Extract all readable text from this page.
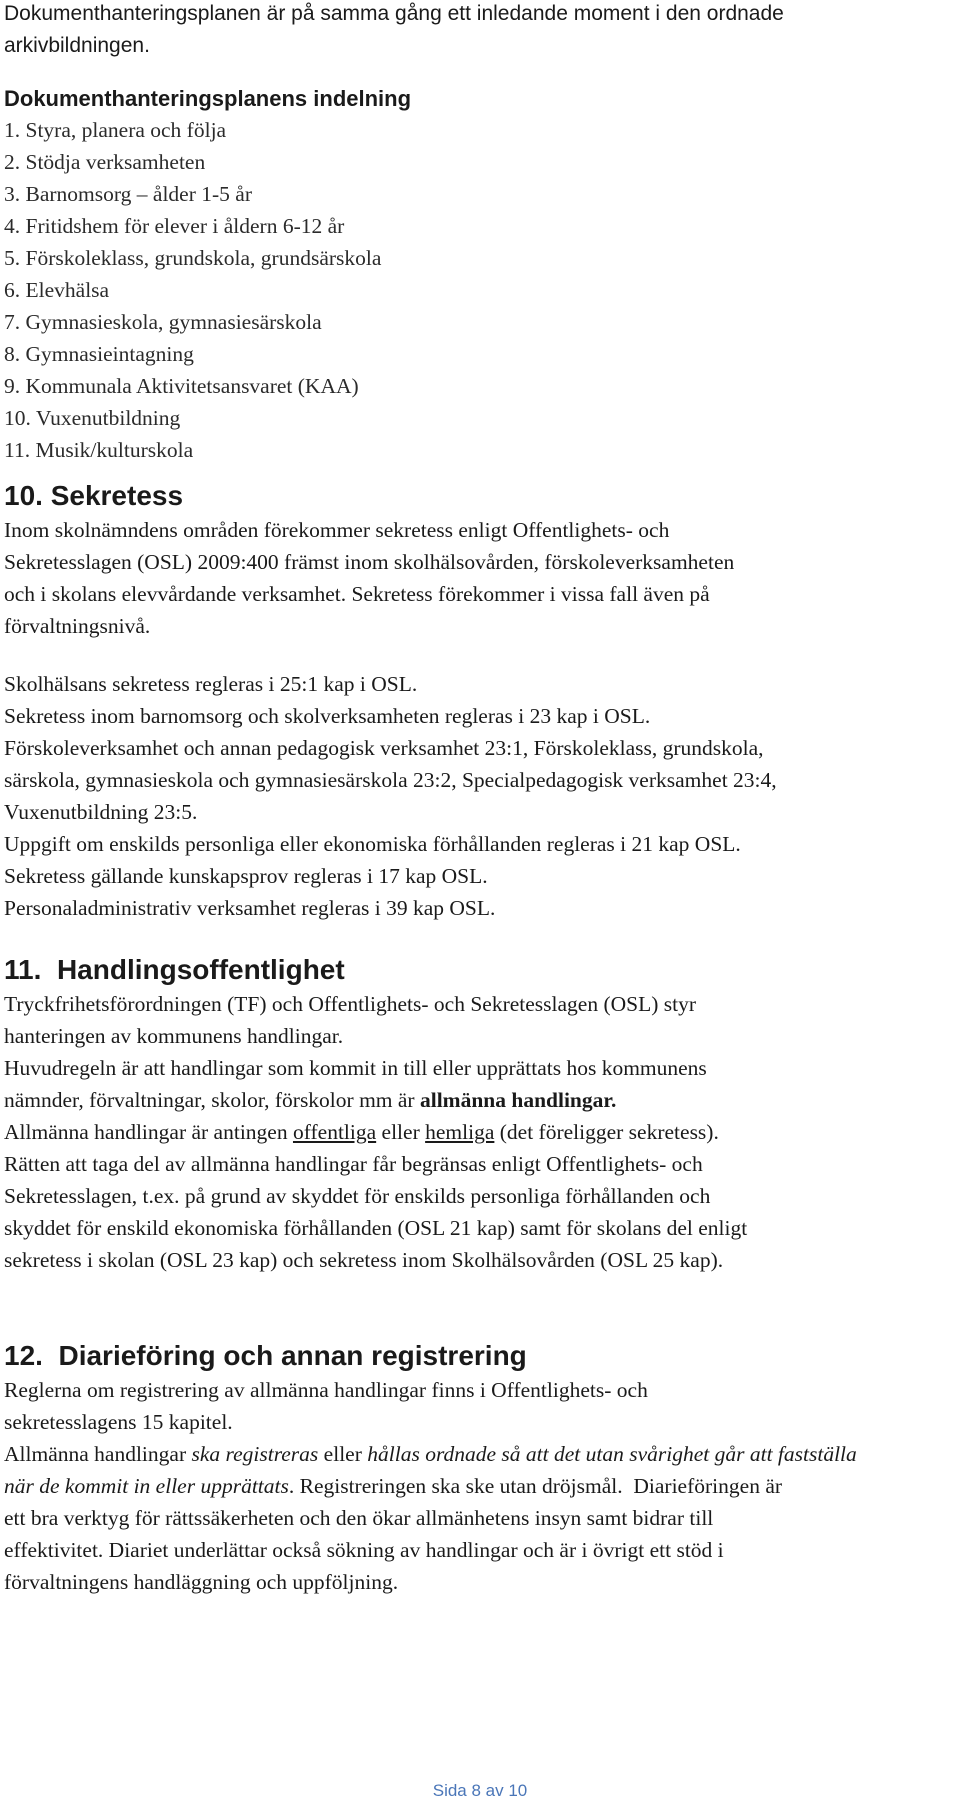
Dokumenthanteringsplanen är på samma gång ett inledande moment i den ordnade

arkivbildningen.

Dokumenthanteringsplanens indelning

1. Styra, planera och följa

2. Stödja verksamheten

3. Barnomsorg – ålder 1-5 år

4. Fritidshem för elever i åldern 6-12 år

5. Förskoleklass, grundskola, grundsärskola

6. Elevhälsa

7. Gymnasieskola, gymnasiesärskola

8. Gymnasieintagning

9. Kommunala Aktivitetsansvaret (KAA)

10. Vuxenutbildning

11. Musik/kulturskola

10. Sekretess

Inom skolnämndens områden förekommer sekretess enligt Offentlighets- och

Sekretesslagen (OSL) 2009:400 främst inom skolhälsovården, förskoleverksamheten

och i skolans elevvårdande verksamhet. Sekretess förekommer i vissa fall även på

förvaltningsnivå.

Skolhälsans sekretess regleras i 25:1 kap i OSL.

Sekretess inom barnomsorg och skolverksamheten regleras i 23 kap i OSL.

Förskoleverksamhet och annan pedagogisk verksamhet 23:1, Förskoleklass, grundskola,

särskola, gymnasieskola och gymnasiesärskola 23:2, Specialpedagogisk verksamhet 23:4,

Vuxenutbildning 23:5.

Uppgift om enskilds personliga eller ekonomiska förhållanden regleras i 21 kap OSL.

Sekretess gällande kunskapsprov regleras i 17 kap OSL.

Personaladministrativ verksamhet regleras i 39 kap OSL.

11.  Handlingsoffentlighet

Tryckfrihetsförordningen (TF) och Offentlighets- och Sekretesslagen (OSL) styr

hanteringen av kommunens handlingar.

Huvudregeln är att handlingar som kommit in till eller upprättats hos kommunens

nämnder, förvaltningar, skolor, förskolor mm är allmänna handlingar.

Allmänna handlingar är antingen offentliga eller hemliga (det föreligger sekretess).

Rätten att taga del av allmänna handlingar får begränsas enligt Offentlighets- och

Sekretesslagen, t.ex. på grund av skyddet för enskilds personliga förhållanden och

skyddet för enskild ekonomiska förhållanden (OSL 21 kap) samt för skolans del enligt

sekretess i skolan (OSL 23 kap) och sekretess inom Skolhälsovården (OSL 25 kap).

12.  Diarieföring och annan registrering

Reglerna om registrering av allmänna handlingar finns i Offentlighets- och

sekretesslagens 15 kapitel.

Allmänna handlingar ska registreras eller hållas ordnade så att det utan svårighet går att fastställa

när de kommit in eller upprättats. Registreringen ska ske utan dröjsmål.  Diarieföringen är

ett bra verktyg för rättssäkerheten och den ökar allmänhetens insyn samt bidrar till

effektivitet. Diariet underlättar också sökning av handlingar och är i övrigt ett stöd i

förvaltningens handläggning och uppföljning.

Sida 8 av 10
